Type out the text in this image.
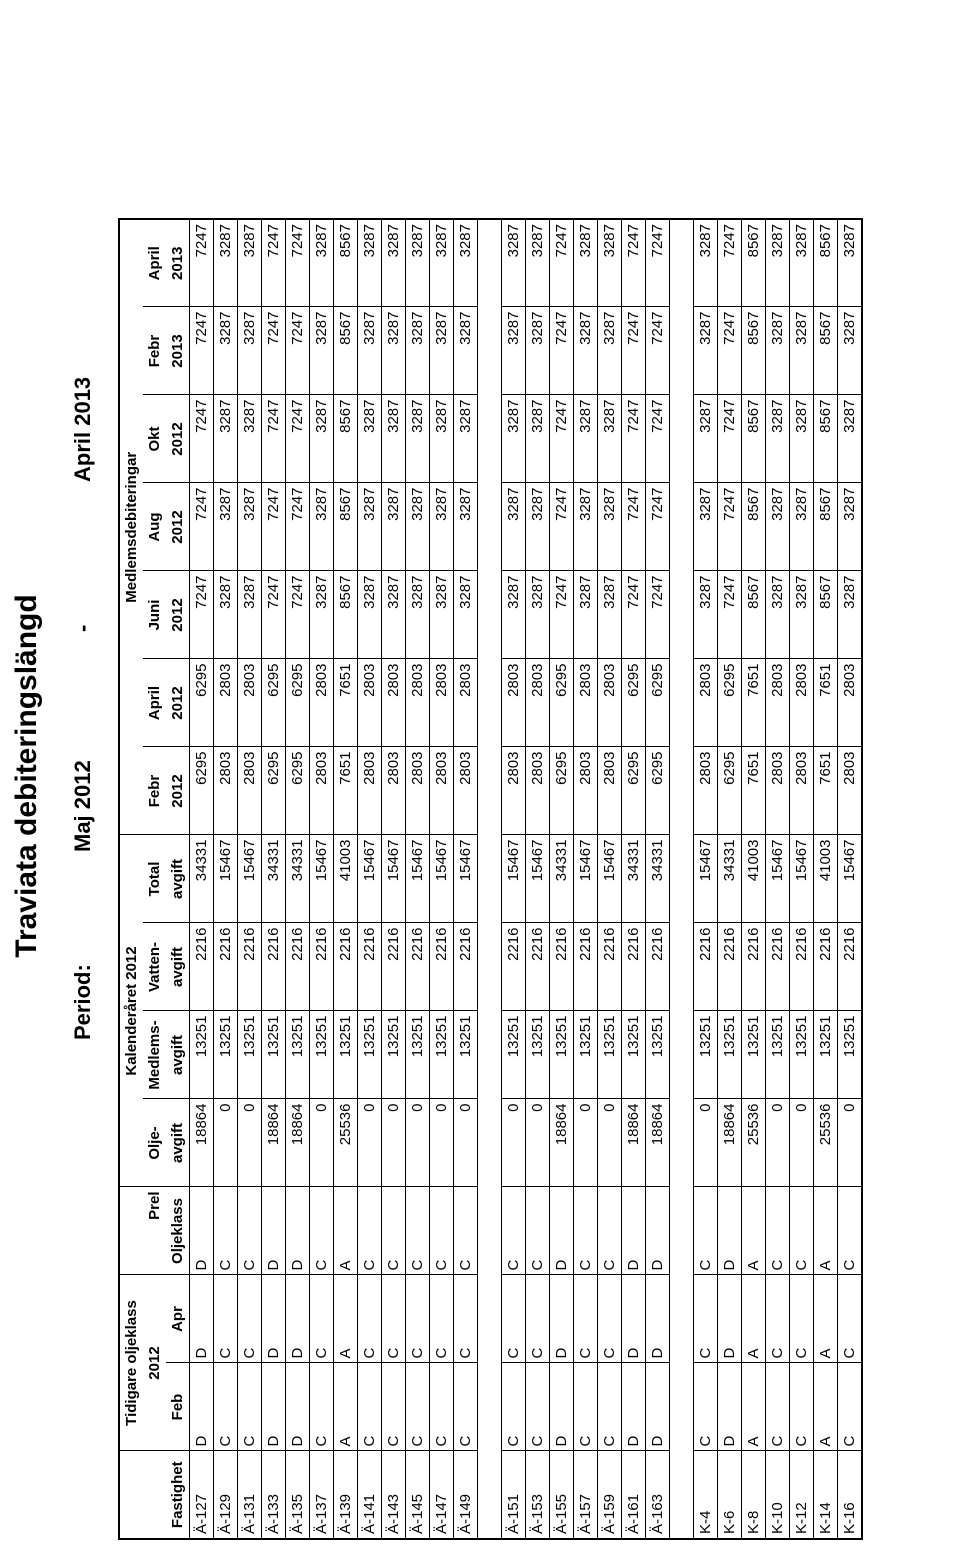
Traviata debiteringslängd
Period:
Maj 2012
-
April 2013
	Tidigare oljeklass			Kalenderåret 2012				Medlemsdebiteringar						
	2012		Prel	Olje-	Medlems-	Vatten-	Total	Febr	April	Juni	Aug	Okt	Febr	April
Fastighet	Feb	Apr	Oljeklass	avgift	avgift	avgift	avgift	2012	2012	2012	2012	2012	2013	2013
Ä-127	D	D	D	18864	13251	2216	34331	6295	6295	7247	7247	7247	7247	7247
Ä-129	C	C	C	0	13251	2216	15467	2803	2803	3287	3287	3287	3287	3287
Ä-131	C	C	C	0	13251	2216	15467	2803	2803	3287	3287	3287	3287	3287
Ä-133	D	D	D	18864	13251	2216	34331	6295	6295	7247	7247	7247	7247	7247
Ä-135	D	D	D	18864	13251	2216	34331	6295	6295	7247	7247	7247	7247	7247
Ä-137	C	C	C	0	13251	2216	15467	2803	2803	3287	3287	3287	3287	3287
Ä-139	A	A	A	25536	13251	2216	41003	7651	7651	8567	8567	8567	8567	8567
Ä-141	C	C	C	0	13251	2216	15467	2803	2803	3287	3287	3287	3287	3287
Ä-143	C	C	C	0	13251	2216	15467	2803	2803	3287	3287	3287	3287	3287
Ä-145	C	C	C	0	13251	2216	15467	2803	2803	3287	3287	3287	3287	3287
Ä-147	C	C	C	0	13251	2216	15467	2803	2803	3287	3287	3287	3287	3287
Ä-149	C	C	C	0	13251	2216	15467	2803	2803	3287	3287	3287	3287	3287

Ä-151	C	C	C	0	13251	2216	15467	2803	2803	3287	3287	3287	3287	3287
Ä-153	C	C	C	0	13251	2216	15467	2803	2803	3287	3287	3287	3287	3287
Ä-155	D	D	D	18864	13251	2216	34331	6295	6295	7247	7247	7247	7247	7247
Ä-157	C	C	C	0	13251	2216	15467	2803	2803	3287	3287	3287	3287	3287
Ä-159	C	C	C	0	13251	2216	15467	2803	2803	3287	3287	3287	3287	3287
Ä-161	D	D	D	18864	13251	2216	34331	6295	6295	7247	7247	7247	7247	7247
Ä-163	D	D	D	18864	13251	2216	34331	6295	6295	7247	7247	7247	7247	7247

K-4	C	C	C	0	13251	2216	15467	2803	2803	3287	3287	3287	3287	3287
K-6	D	D	D	18864	13251	2216	34331	6295	6295	7247	7247	7247	7247	7247
K-8	A	A	A	25536	13251	2216	41003	7651	7651	8567	8567	8567	8567	8567
K-10	C	C	C	0	13251	2216	15467	2803	2803	3287	3287	3287	3287	3287
K-12	C	C	C	0	13251	2216	15467	2803	2803	3287	3287	3287	3287	3287
K-14	A	A	A	25536	13251	2216	41003	7651	7651	8567	8567	8567	8567	8567
K-16	C	C	C	0	13251	2216	15467	2803	2803	3287	3287	3287	3287	3287
